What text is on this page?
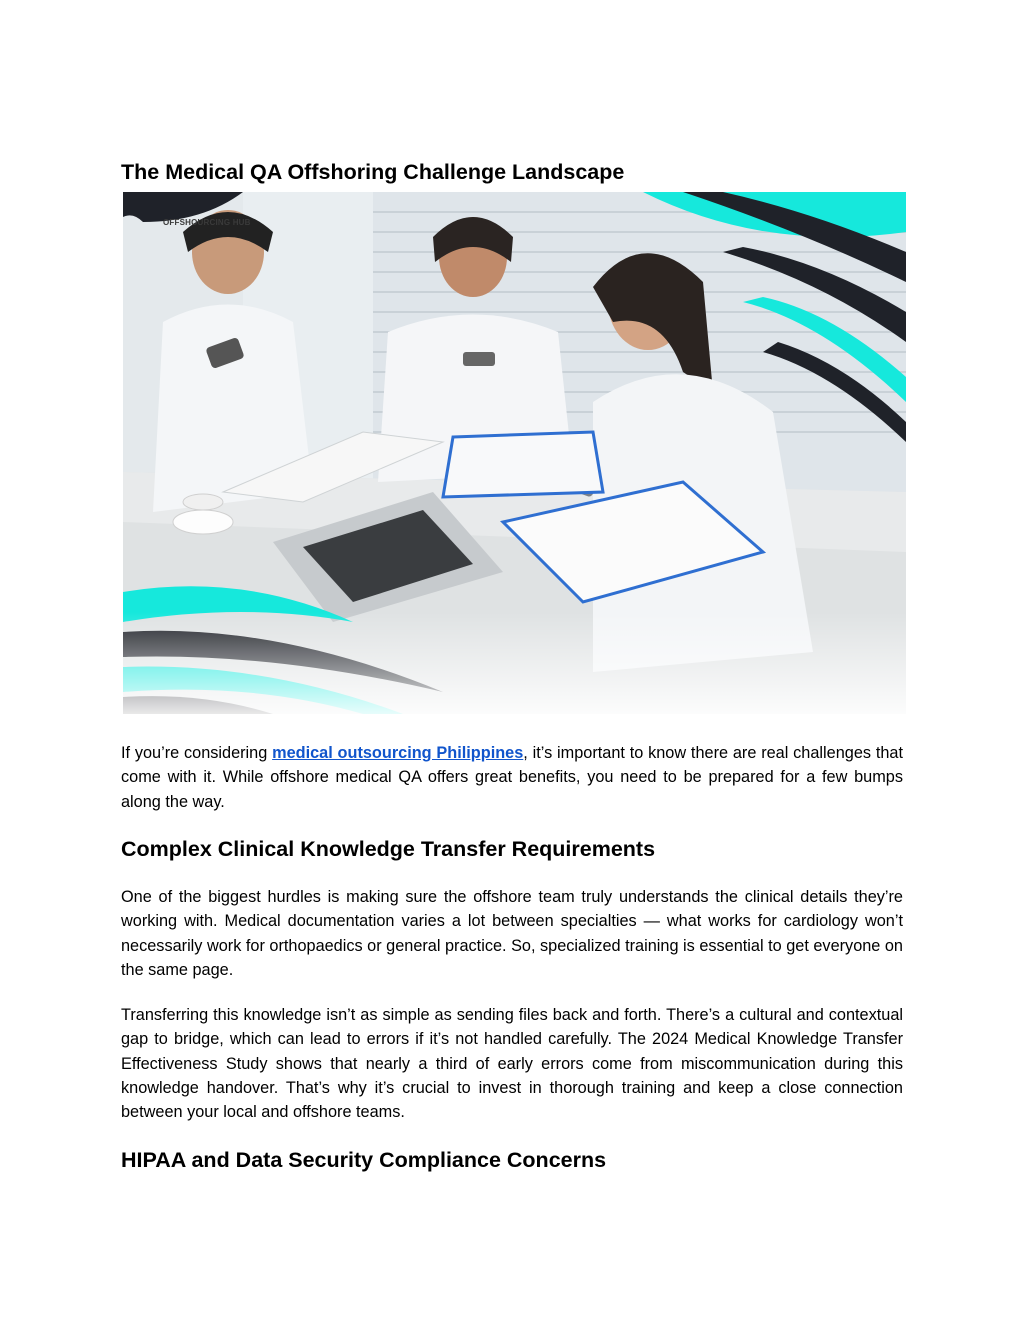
The Medical QA Offshoring Challenge Landscape
OFFSHOURCING HUB

If you’re considering medical outsourcing Philippines, it’s important to know there are real challenges that come with it. While offshore medical QA offers great benefits, you need to be prepared for a few bumps along the way.

Complex Clinical Knowledge Transfer Requirements

One of the biggest hurdles is making sure the offshore team truly understands the clinical details they’re working with. Medical documentation varies a lot between specialties — what works for cardiology won’t necessarily work for orthopaedics or general practice. So, specialized training is essential to get everyone on the same page.

Transferring this knowledge isn’t as simple as sending files back and forth. There’s a cultural and contextual gap to bridge, which can lead to errors if it’s not handled carefully. The 2024 Medical Knowledge Transfer Effectiveness Study shows that nearly a third of early errors come from miscommunication during this knowledge handover. That’s why it’s crucial to invest in thorough training and keep a close connection between your local and offshore teams.

HIPAA and Data Security Compliance Concerns
